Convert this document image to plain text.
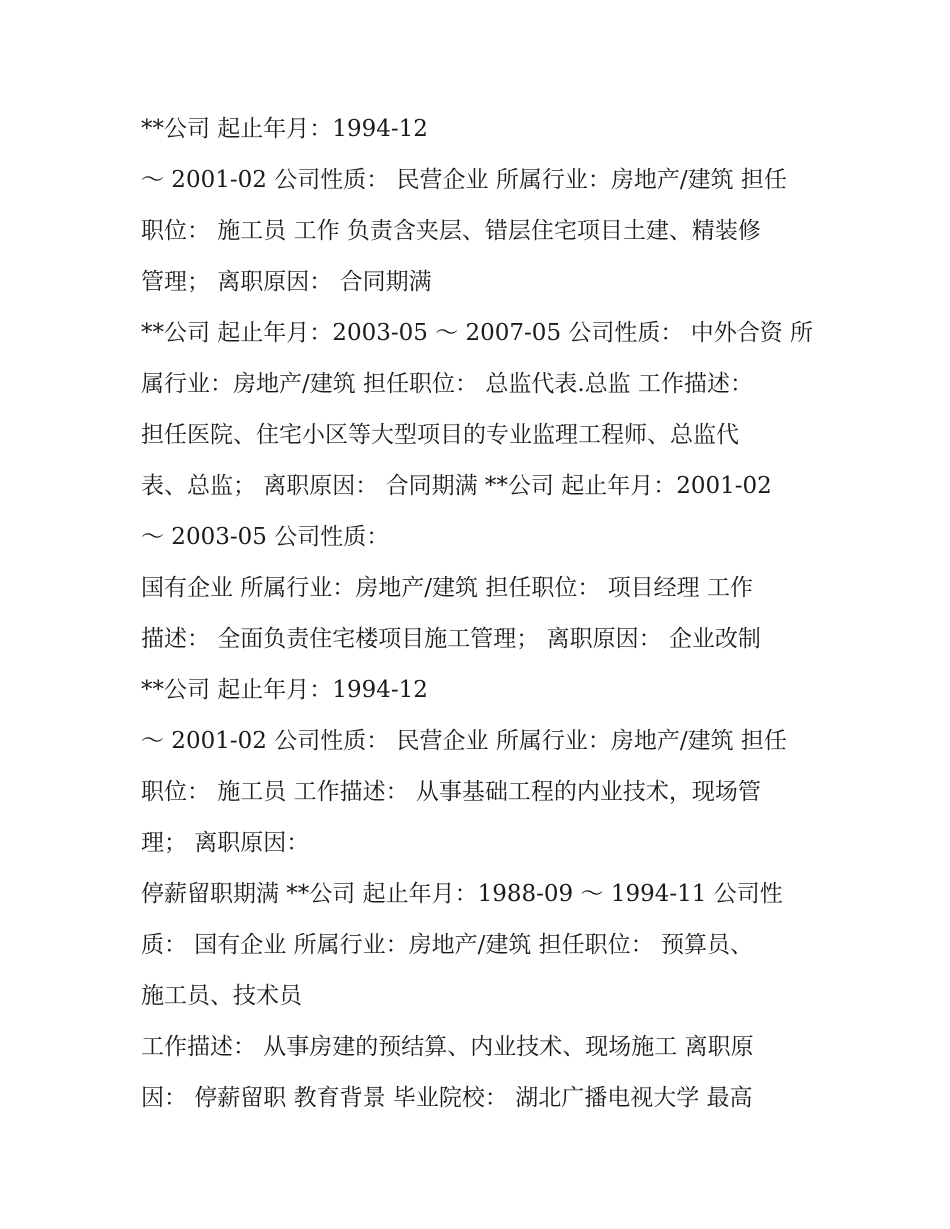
**公司 起止年月：1994-12
～ 2001-02 公司性质： 民营企业 所属行业：房地产/建筑 担任
职位： 施工员 工作 负责含夹层、错层住宅项目土建、精装修
管理； 离职原因： 合同期满
**公司 起止年月：2003-05 ～ 2007-05 公司性质： 中外合资 所
属行业：房地产/建筑 担任职位： 总监代表.总监 工作描述：
担任医院、住宅小区等大型项目的专业监理工程师、总监代
表、总监； 离职原因： 合同期满 **公司 起止年月：2001-02
～ 2003-05 公司性质：
国有企业 所属行业：房地产/建筑 担任职位： 项目经理 工作
描述： 全面负责住宅楼项目施工管理； 离职原因： 企业改制
**公司 起止年月：1994-12
～ 2001-02 公司性质： 民营企业 所属行业：房地产/建筑 担任
职位： 施工员 工作描述： 从事基础工程的内业技术，现场管
理； 离职原因：
停薪留职期满 **公司 起止年月：1988-09 ～ 1994-11 公司性
质： 国有企业 所属行业：房地产/建筑 担任职位： 预算员、
施工员、技术员
工作描述： 从事房建的预结算、内业技术、现场施工 离职原
因： 停薪留职 教育背景 毕业院校： 湖北广播电视大学 最高
